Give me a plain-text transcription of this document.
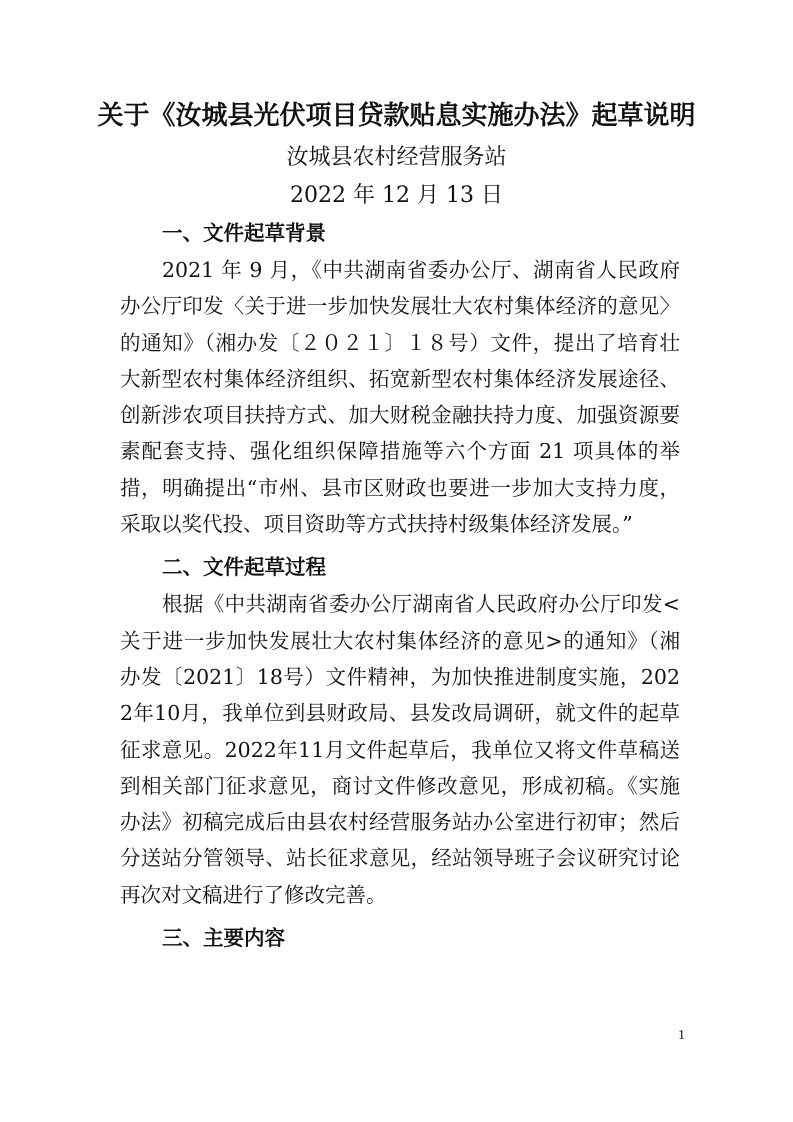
关于《汝城县光伏项目贷款贴息实施办法》起草说明
汝城县农村经营服务站
2022 年 12 月 13 日
一、文件起草背景

2021 年 9 月，《中共湖南省委办公厅、湖南省人民政府办公厅印发〈关于进一步加快发展壮大农村集体经济的意见〉 的通知》（湘办发〔２０２１〕１８号）文件，提出了培育壮大新型农村集体经济组织、拓宽新型农村集体经济发展途径、创新涉农项目扶持方式、加大财税金融扶持力度、加强资源要素配套支持、强化组织保障措施等六个方面 21 项具体的举措，明确提出“市州、县市区财政也要进一步加大支持力度，采取以奖代投、项目资助等方式扶持村级集体经济发展。”

二、文件起草过程

根据《中共湖南省委办公厅湖南省人民政府办公厅印发<关于进一步加快发展壮大农村集体经济的意见>的通知》（湘办发〔2021〕18号）文件精神，为加快推进制度实施，2022年10月，我单位到县财政局、县发改局调研，就文件的起草征求意见。2022年11月文件起草后，我单位又将文件草稿送到相关部门征求意见，商讨文件修改意见，形成初稿。《实施办法》初稿完成后由县农村经营服务站办公室进行初审；然后分送站分管领导、站长征求意见，经站领导班子会议研究讨论再次对文稿进行了修改完善。

三、主要内容
1
